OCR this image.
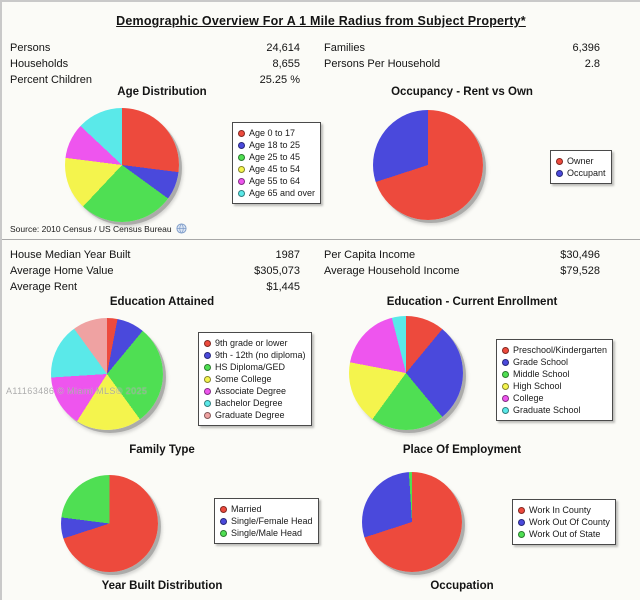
Demographic Overview For A 1 Mile Radius from Subject Property*
Persons	24,614
Households	8,655
Percent Children	25.25 %
Families	6,396
Persons Per Household	2.8
Age Distribution
Age 0 to 17
Age 18 to 25
Age 25 to 45
Age 45 to 54
Age 55 to 64
Age 65 and over
Occupancy - Rent vs Own
Owner
Occupant
Source: 2010 Census / US Census Bureau
House Median Year Built	1987
Average Home Value	$305,073
Average Rent	$1,445
Per Capita Income	$30,496
Average Household Income	$79,528
Education Attained
9th grade or lower
9th - 12th (no diploma)
HS Diploma/GED
Some College
Associate Degree
Bachelor Degree
Graduate Degree
Education - Current Enrollment
Preschool/Kindergarten
Grade School
Middle School
High School
College
Graduate School
A11163486 © Miami MLS® 2025
Family Type
Married
Single/Female Head
Single/Male Head
Place Of Employment
Work In County
Work Out Of County
Work Out of State
Year Built Distribution	Occupation
